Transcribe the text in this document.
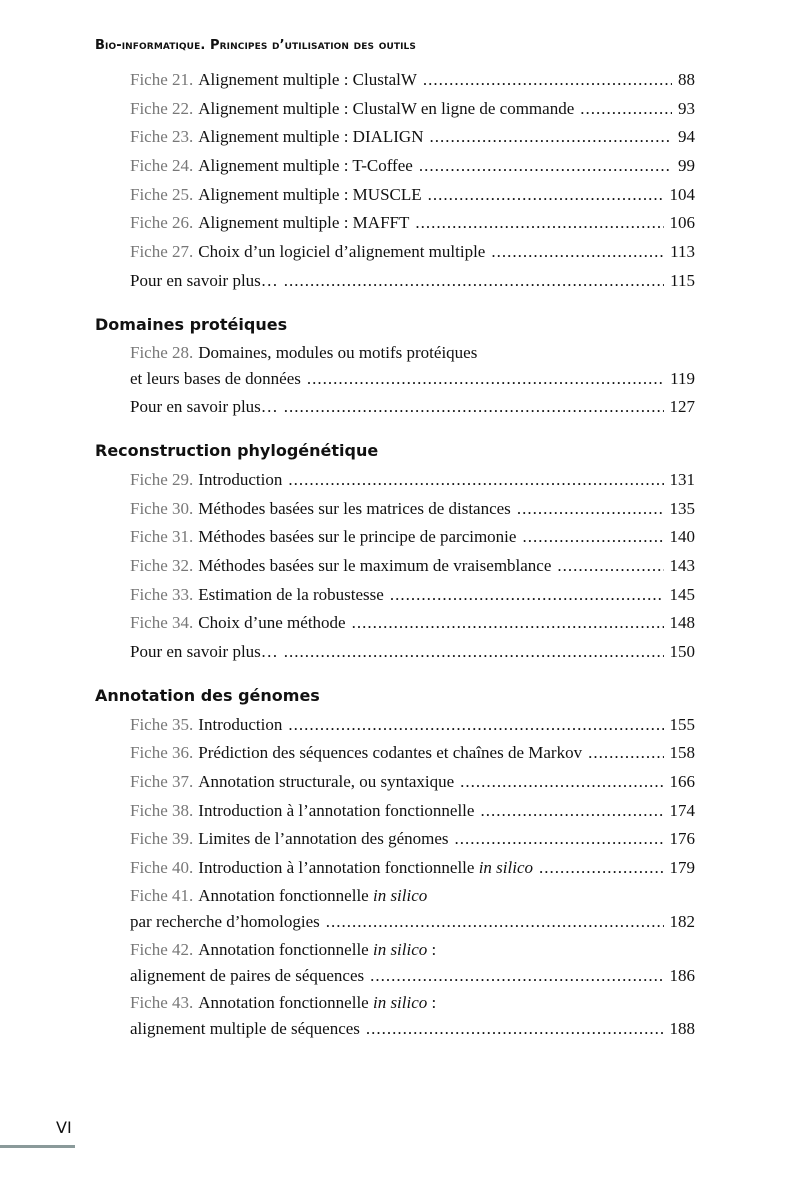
Bio-informatique. Principes d’utilisation des outils
Fiche 21. Alignement multiple : ClustalW .....	88
Fiche 22. Alignement multiple : ClustalW en ligne de commande .....	93
Fiche 23. Alignement multiple : DIALIGN .....	94
Fiche 24. Alignement multiple : T-Coffee .....	99
Fiche 25. Alignement multiple : MUSCLE .....	104
Fiche 26. Alignement multiple : MAFFT .....	106
Fiche 27. Choix d’un logiciel d’alignement multiple .....	113
Pour en savoir plus… .....	115
Domaines protéiques
Fiche 28. Domaines, modules ou motifs protéiques
et leurs bases de données .....	119
Pour en savoir plus… .....	127
Reconstruction phylogénétique
Fiche 29. Introduction .....	131
Fiche 30. Méthodes basées sur les matrices de distances .....	135
Fiche 31. Méthodes basées sur le principe de parcimonie .....	140
Fiche 32. Méthodes basées sur le maximum de vraisemblance .....	143
Fiche 33. Estimation de la robustesse .....	145
Fiche 34. Choix d’une méthode .....	148
Pour en savoir plus… .....	150
Annotation des génomes
Fiche 35. Introduction .....	155
Fiche 36. Prédiction des séquences codantes et chaînes de Markov .....	158
Fiche 37. Annotation structurale, ou syntaxique .....	166
Fiche 38. Introduction à l’annotation fonctionnelle .....	174
Fiche 39. Limites de l’annotation des génomes .....	176
Fiche 40. Introduction à l’annotation fonctionnelle in silico .....	179
Fiche 41. Annotation fonctionnelle in silico
par recherche d’homologies .....	182
Fiche 42. Annotation fonctionnelle in silico :
alignement de paires de séquences .....	186
Fiche 43. Annotation fonctionnelle in silico :
alignement multiple de séquences .....	188
VI
